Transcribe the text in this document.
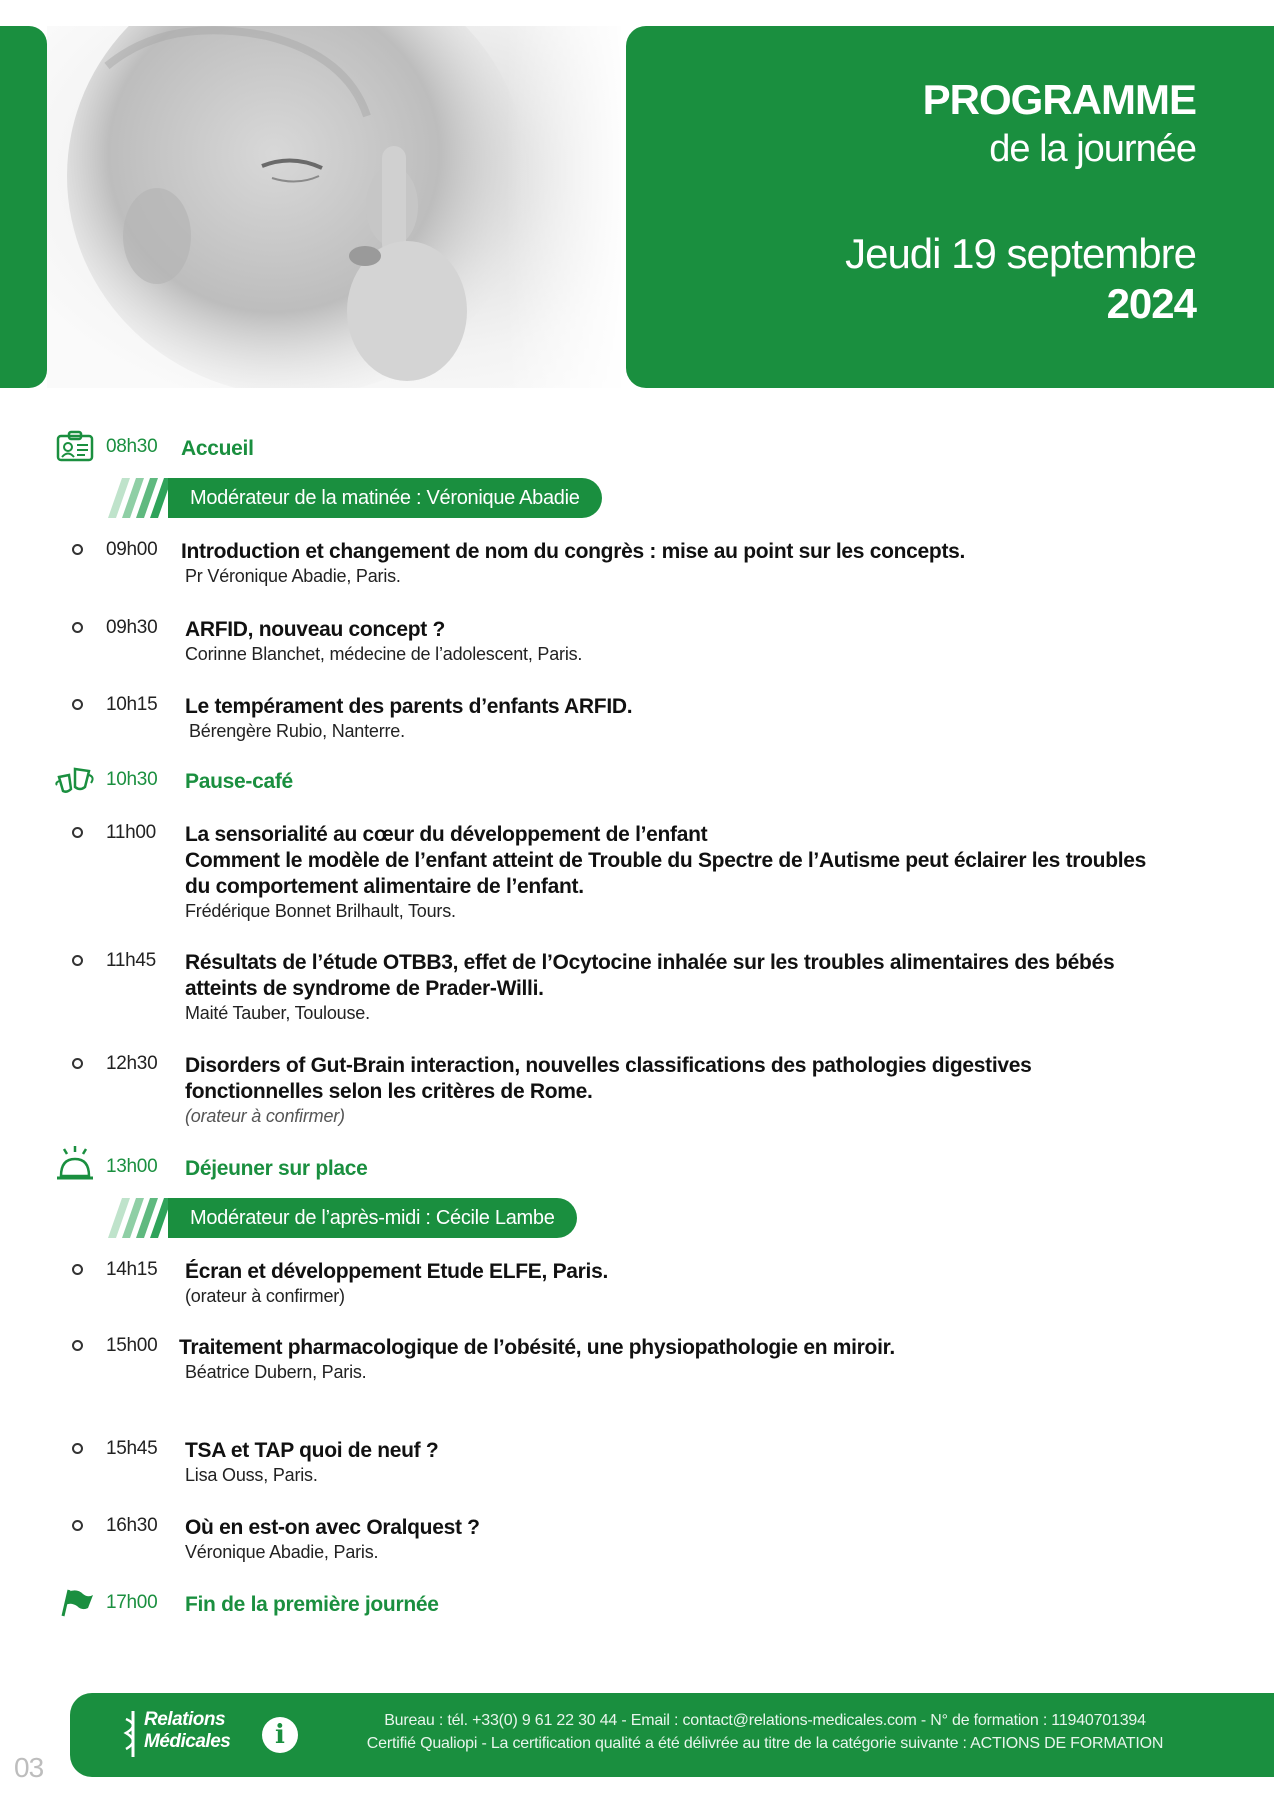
PROGRAMME
de la journée
Jeudi 19 septembre
2024
08h30 Accueil
Modérateur de la matinée : Véronique Abadie
09h00 Introduction et changement de nom du congrès : mise au point sur les concepts.
Pr Véronique Abadie, Paris.
09h30 ARFID, nouveau concept ?
Corinne Blanchet, médecine de l’adolescent, Paris.
10h15 Le tempérament des parents d’enfants ARFID.
Bérengère Rubio, Nanterre.
10h30 Pause-café
11h00 La sensorialité au cœur du développement de l’enfant
Comment le modèle de l’enfant atteint de Trouble du Spectre de l’Autisme peut éclairer les troubles
du comportement alimentaire de l’enfant.
Frédérique Bonnet Brilhault, Tours.
11h45 Résultats de l’étude OTBB3, effet de l’Ocytocine inhalée sur les troubles alimentaires des bébés
atteints de syndrome de Prader-Willi.
Maité Tauber, Toulouse.
12h30 Disorders of Gut-Brain interaction, nouvelles classifications des pathologies digestives
fonctionnelles selon les critères de Rome.
(orateur à confirmer)
13h00 Déjeuner sur place
Modérateur de l’après-midi : Cécile Lambe
14h15 Écran et développement Etude ELFE, Paris.
(orateur à confirmer)
15h00 Traitement pharmacologique de l’obésité, une physiopathologie en miroir.
Béatrice Dubern, Paris.
15h45 TSA et TAP quoi de neuf ?
Lisa Ouss, Paris.
16h30 Où en est-on avec Oralquest ?
Véronique Abadie, Paris.
17h00 Fin de la première journée
Relations
Médicales	i	Bureau : tél. +33(0) 9 61 22 30 44 - Email : contact@relations-medicales.com - N° de formation : 11940701394
Certifié Qualiopi - La certification qualité a été délivrée au titre de la catégorie suivante : ACTIONS DE FORMATION
03
